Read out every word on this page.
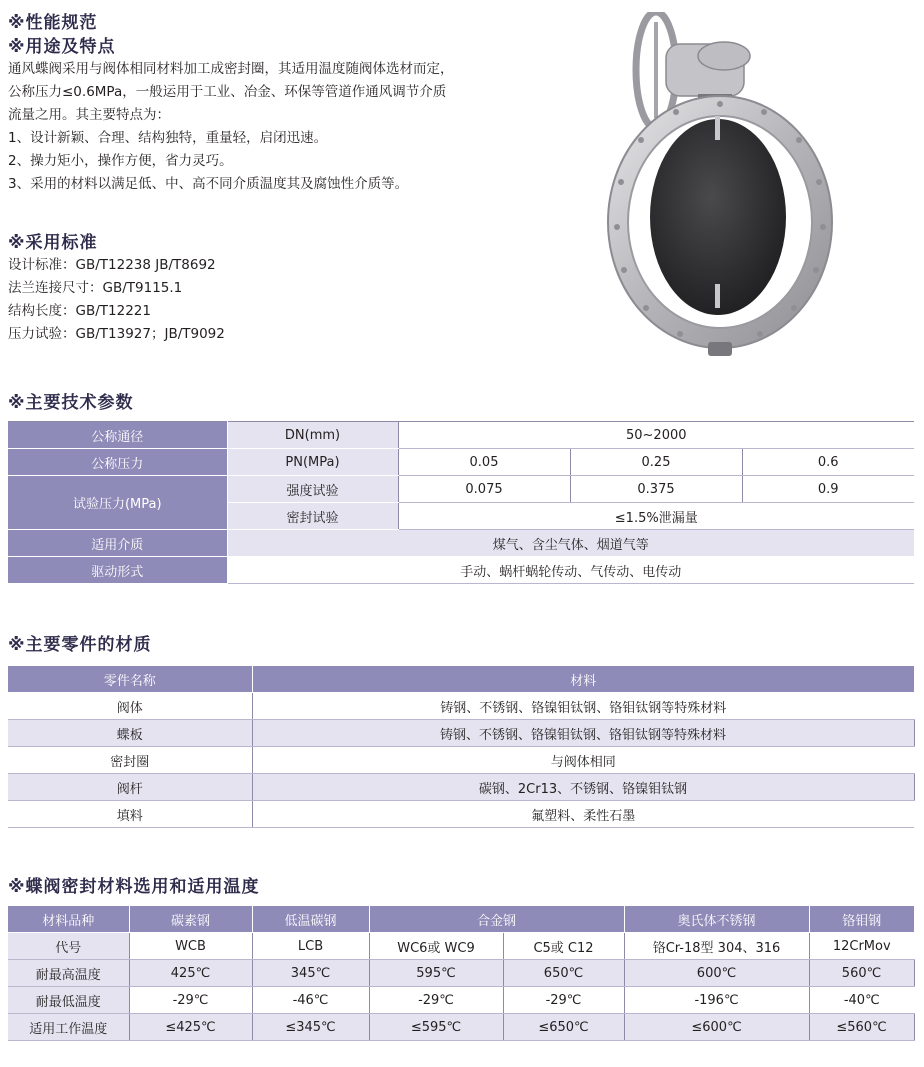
※性能规范
※用途及特点
通风蝶阀采用与阀体相同材料加工成密封圈，其适用温度随阀体选材而定，
公称压力≤0.6MPa，一般运用于工业、冶金、环保等管道作通风调节介质
流量之用。其主要特点为：
1、设计新颖、合理、结构独特，重量轻，启闭迅速。
2、操力矩小，操作方便，省力灵巧。
3、采用的材料以满足低、中、高不同介质温度其及腐蚀性介质等。
※采用标准
设计标准：GB/T12238 JB/T8692
法兰连接尺寸：GB/T9115.1
结构长度：GB/T12221
压力试验：GB/T13927；JB/T9092
※主要技术参数
公称通径	DN(mm)	50~2000		
公称压力	PN(MPa)	0.05	0.25	0.6
试验压力(MPa)	强度试验	0.075	0.375	0.9
	密封试验	≤1.5%泄漏量		
适用介质	煤气、含尘气体、烟道气等			
驱动形式	手动、蜗杆蜗轮传动、气传动、电传动			
※主要零件的材质
零件名称	材料
阀体	铸钢、不锈钢、铬镍钼钛钢、铬钼钛钢等特殊材料
蝶板	铸钢、不锈钢、铬镍钼钛钢、铬钼钛钢等特殊材料
密封圈	与阀体相同
阀杆	碳钢、2Cr13、不锈钢、铬镍钼钛钢
填料	氟塑料、柔性石墨
※蝶阀密封材料选用和适用温度
材料品种	碳素钢	低温碳钢	合金钢		奥氏体不锈钢	铬钼钢
代号	WCB	LCB	WC6或 WC9	C5或 C12	铬Cr-18型 304、316	12CrMov
耐最高温度	425℃	345℃	595℃	650℃	600℃	560℃
耐最低温度	-29℃	-46℃	-29℃	-29℃	-196℃	-40℃
适用工作温度	≤425℃	≤345℃	≤595℃	≤650℃	≤600℃	≤560℃
